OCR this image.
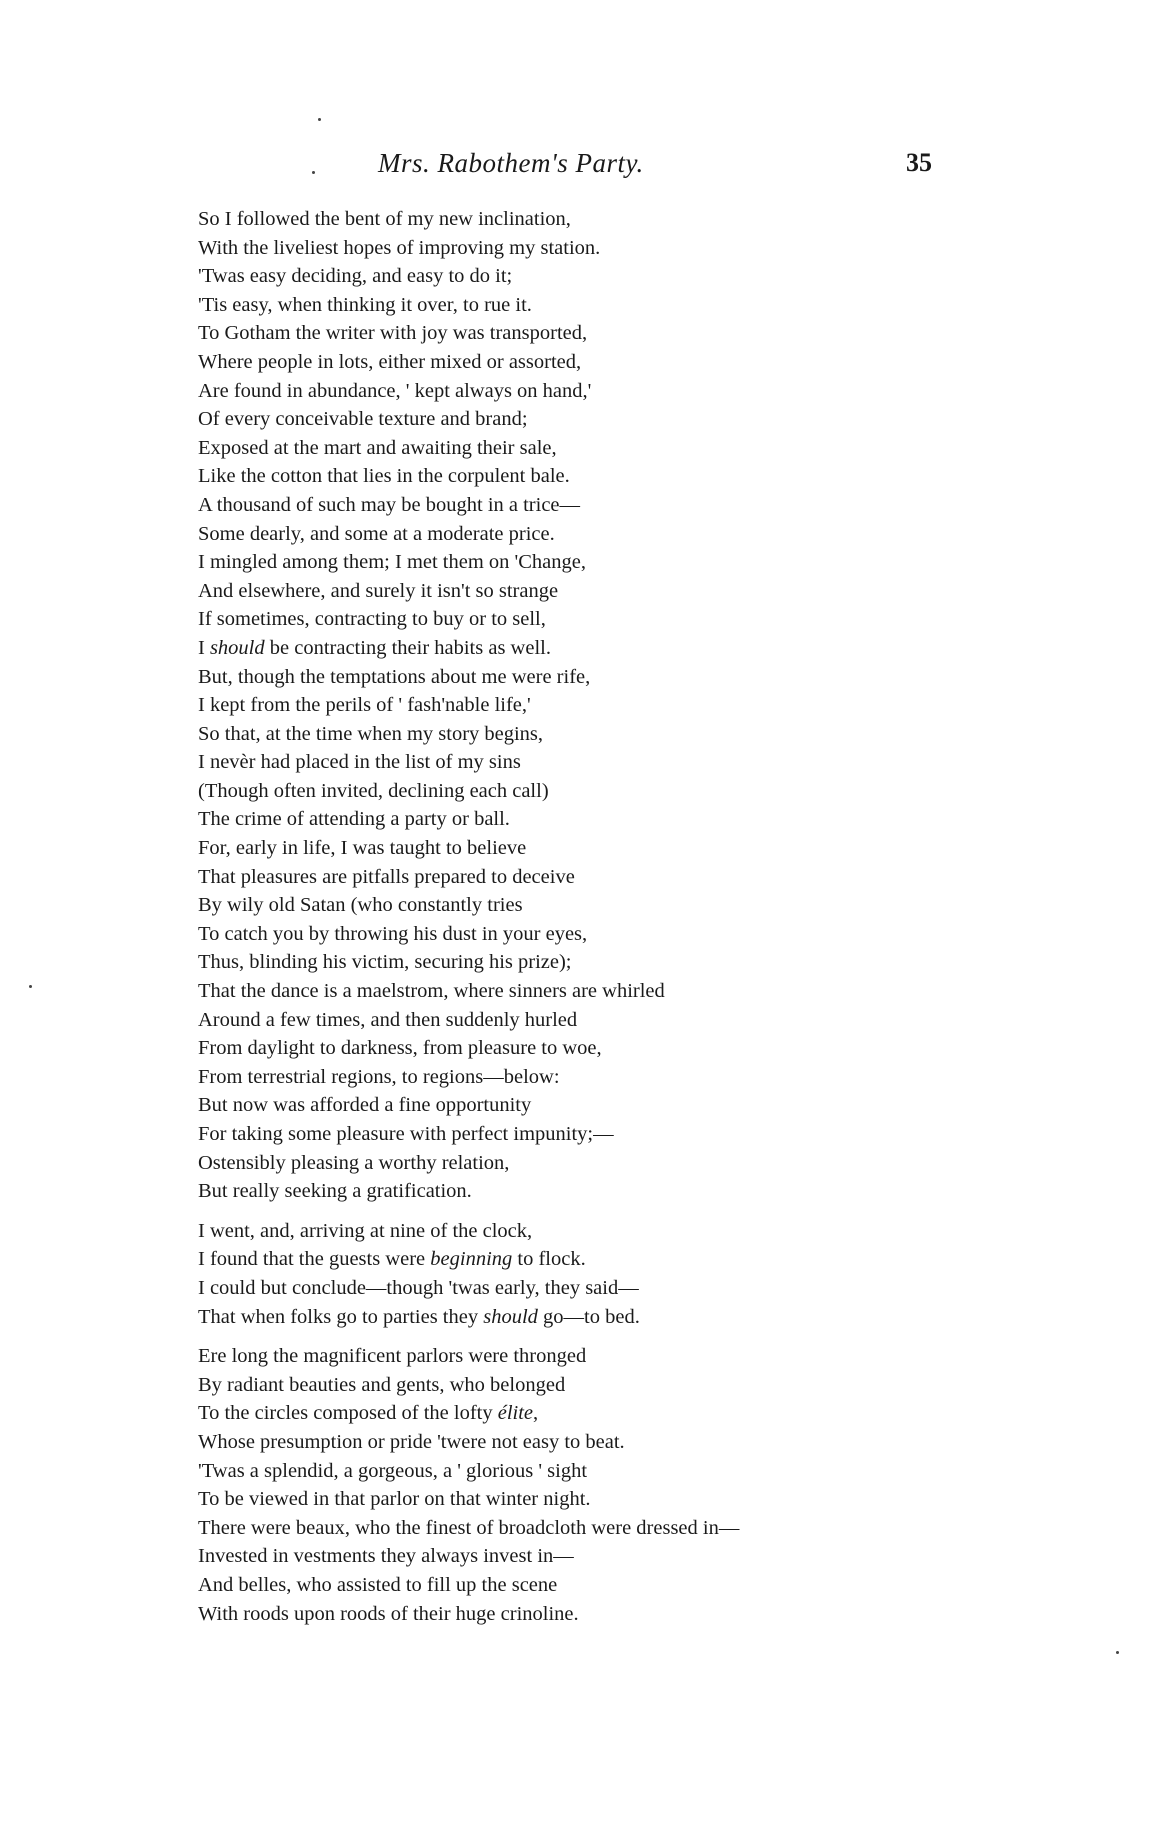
Mrs. Rabothem's Party.	35
So I followed the bent of my new inclination,
With the liveliest hopes of improving my station.
'Twas easy deciding, and easy to do it;
'Tis easy, when thinking it over, to rue it.
To Gotham the writer with joy was transported,
Where people in lots, either mixed or assorted,
Are found in abundance, ' kept always on hand,'
Of every conceivable texture and brand;
Exposed at the mart and awaiting their sale,
Like the cotton that lies in the corpulent bale.
A thousand of such may be bought in a trice—
Some dearly, and some at a moderate price.
I mingled among them; I met them on 'Change,
And elsewhere, and surely it isn't so strange
If sometimes, contracting to buy or to sell,
I should be contracting their habits as well.
But, though the temptations about me were rife,
I kept from the perils of ' fash'nable life,'
So that, at the time when my story begins,
I nevèr had placed in the list of my sins
(Though often invited, declining each call)
The crime of attending a party or ball.
For, early in life, I was taught to believe
That pleasures are pitfalls prepared to deceive
By wily old Satan (who constantly tries
To catch you by throwing his dust in your eyes,
Thus, blinding his victim, securing his prize);
That the dance is a maelstrom, where sinners are whirled
Around a few times, and then suddenly hurled
From daylight to darkness, from pleasure to woe,
From terrestrial regions, to regions—below:
But now was afforded a fine opportunity
For taking some pleasure with perfect impunity;—
Ostensibly pleasing a worthy relation,
But really seeking a gratification.
I went, and, arriving at nine of the clock,
I found that the guests were beginning to flock.
I could but conclude—though 'twas early, they said—
That when folks go to parties they should go—to bed.
Ere long the magnificent parlors were thronged
By radiant beauties and gents, who belonged
To the circles composed of the lofty élite,
Whose presumption or pride 'twere not easy to beat.
'Twas a splendid, a gorgeous, a ' glorious ' sight
To be viewed in that parlor on that winter night.
There were beaux, who the finest of broadcloth were dressed in—
Invested in vestments they always invest in—
And belles, who assisted to fill up the scene
With roods upon roods of their huge crinoline.
